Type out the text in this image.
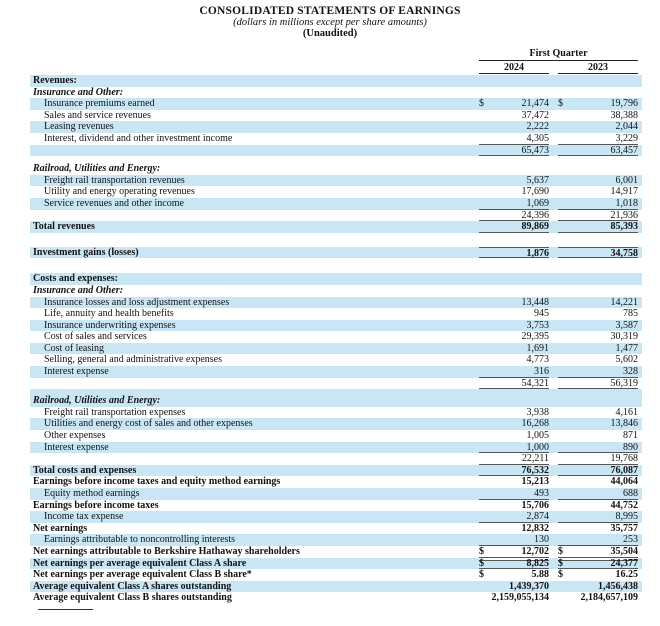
CONSOLIDATED STATEMENTS OF EARNINGS
(dollars in millions except per share amounts)
(Unaudited)
First Quarter
2024	2023
Revenues:
Insurance and Other:
Insurance premiums earned	$	21,474 $	19,796
Sales and service revenues	37,472	38,388
Leasing revenues	2,222	2,044
Interest, dividend and other investment income	4,305	3,229
65,473	63,457
Railroad, Utilities and Energy:
Freight rail transportation revenues	5,637	6,001
Utility and energy operating revenues	17,690	14,917
Service revenues and other income	1,069	1,018
24,396	21,936
Total revenues	89,869	85,393
Investment gains (losses)	1,876	34,758
Costs and expenses:
Insurance and Other:
Insurance losses and loss adjustment expenses	13,448	14,221
Life, annuity and health benefits	945	785
Insurance underwriting expenses	3,753	3,587
Cost of sales and services	29,395	30,319
Cost of leasing	1,691	1,477
Selling, general and administrative expenses	4,773	5,602
Interest expense	316	328
54,321	56,319
Railroad, Utilities and Energy:
Freight rail transportation expenses	3,938	4,161
Utilities and energy cost of sales and other expenses	16,268	13,846
Other expenses	1,005	871
Interest expense	1,000	890
22,211	19,768
Total costs and expenses	76,532	76,087
Earnings before income taxes and equity method earnings	15,213	44,064
Equity method earnings	493	688
Earnings before income taxes	15,706	44,752
Income tax expense	2,874	8,995
Net earnings	12,832	35,757
Earnings attributable to noncontrolling interests	130	253
Net earnings attributable to Berkshire Hathaway shareholders	$	12,702 $	35,504
Net earnings per average equivalent Class A share	$	8,825 $	24,377
Net earnings per average equivalent Class B share*	$	5.88 $	16.25
Average equivalent Class A shares outstanding	1,439,370	1,456,438
Average equivalent Class B shares outstanding	2,159,055,134	2,184,657,109
